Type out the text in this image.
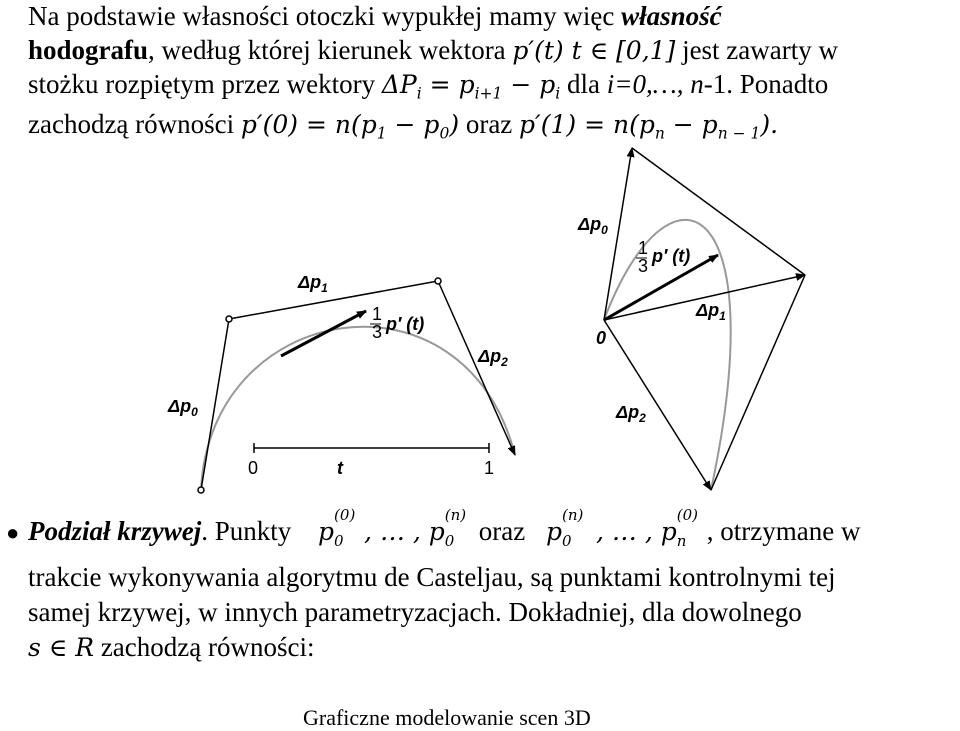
Na podstawie własności otoczki wypukłej mamy więc własność
hodografu, według której kierunek wektora p′(t) t ∈ [0,1] jest zawarty w
stożku rozpiętym przez wektory $\Delta P_i = p_{i+1} - p_i$ dla i=0,…, n-1. Ponadto
zachodzą równości $p'(0) = n(p_1 - p_0)$ oraz $p'(1) = n(p_n - p_{n - 1})$.
0	t	1
$\Delta p_0$
$\Delta p_1$
$\Delta p_2$
1
3 p′ (t)
0
$\Delta p_0$
$\Delta p_1$
$\Delta p_2$
1
3 p′ (t)
● Podział krzywej. Punkty p
(0)
0 , … , p
(n)
0 oraz p
(n)
0 , … , p
(0)
n , otrzymane w
trakcie wykonywania algorytmu de Casteljau, są punktami kontrolnymi tej
samej krzywej, w innych parametryzacjach. Dokładniej, dla dowolnego
s ∈ R zachodzą równości:
Graficzne modelowanie scen 3D
